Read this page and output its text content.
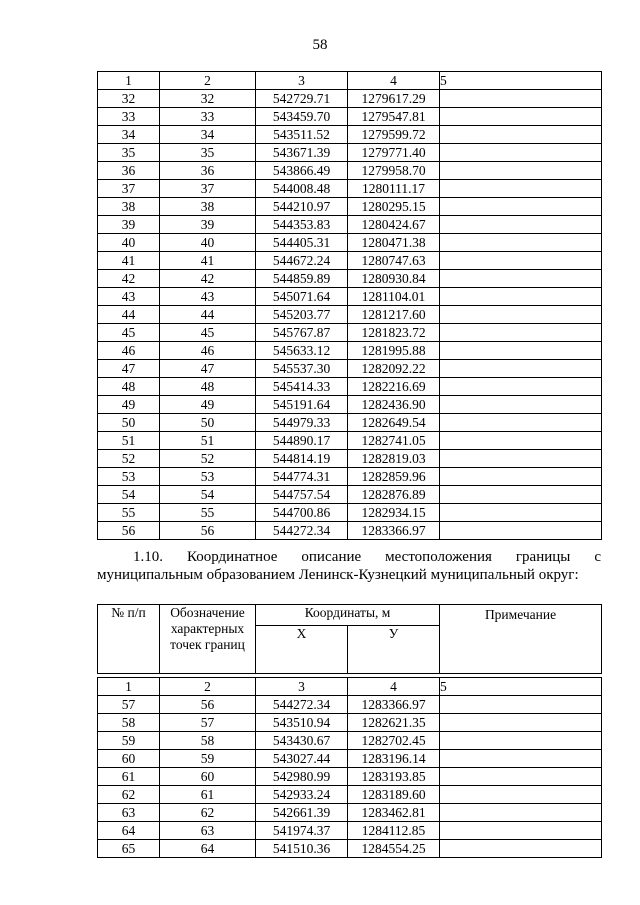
58
1	2	3	4	5
32	32	542729.71	1279617.29	
33	33	543459.70	1279547.81	
34	34	543511.52	1279599.72	
35	35	543671.39	1279771.40	
36	36	543866.49	1279958.70	
37	37	544008.48	1280111.17	
38	38	544210.97	1280295.15	
39	39	544353.83	1280424.67	
40	40	544405.31	1280471.38	
41	41	544672.24	1280747.63	
42	42	544859.89	1280930.84	
43	43	545071.64	1281104.01	
44	44	545203.77	1281217.60	
45	45	545767.87	1281823.72	
46	46	545633.12	1281995.88	
47	47	545537.30	1282092.22	
48	48	545414.33	1282216.69	
49	49	545191.64	1282436.90	
50	50	544979.33	1282649.54	
51	51	544890.17	1282741.05	
52	52	544814.19	1282819.03	
53	53	544774.31	1282859.96	
54	54	544757.54	1282876.89	
55	55	544700.86	1282934.15	
56	56	544272.34	1283366.97	
1.10.   Координатное   описание   местоположения   границы   с
муниципальным образованием Ленинск-Кузнецкий муниципальный округ:
№ п/п	Обозначение характерных точек границ	Координаты, м		Примечание
		X	У	
1	2	3	4	5
57	56	544272.34	1283366.97	
58	57	543510.94	1282621.35	
59	58	543430.67	1282702.45	
60	59	543027.44	1283196.14	
61	60	542980.99	1283193.85	
62	61	542933.24	1283189.60	
63	62	542661.39	1283462.81	
64	63	541974.37	1284112.85	
65	64	541510.36	1284554.25	
